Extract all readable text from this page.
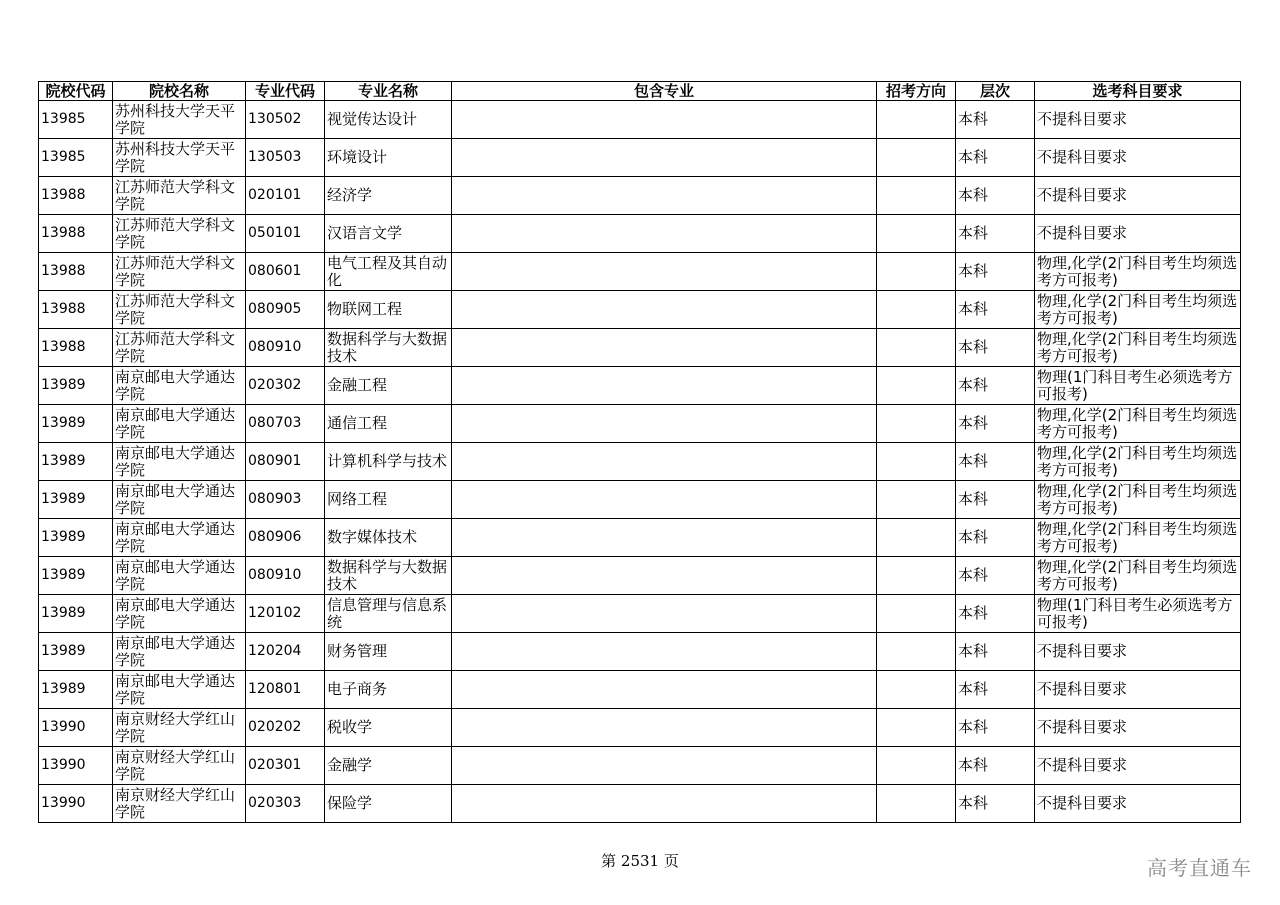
院校代码	院校名称	专业代码	专业名称	包含专业	招考方向	层次	选考科目要求
13985	苏州科技大学天平学院	130502	视觉传达设计			本科	不提科目要求
13985	苏州科技大学天平学院	130503	环境设计			本科	不提科目要求
13988	江苏师范大学科文学院	020101	经济学			本科	不提科目要求
13988	江苏师范大学科文学院	050101	汉语言文学			本科	不提科目要求
13988	江苏师范大学科文学院	080601	电气工程及其自动化			本科	物理,化学(2门科目考生均须选考方可报考)
13988	江苏师范大学科文学院	080905	物联网工程			本科	物理,化学(2门科目考生均须选考方可报考)
13988	江苏师范大学科文学院	080910	数据科学与大数据技术			本科	物理,化学(2门科目考生均须选考方可报考)
13989	南京邮电大学通达学院	020302	金融工程			本科	物理(1门科目考生必须选考方可报考)
13989	南京邮电大学通达学院	080703	通信工程			本科	物理,化学(2门科目考生均须选考方可报考)
13989	南京邮电大学通达学院	080901	计算机科学与技术			本科	物理,化学(2门科目考生均须选考方可报考)
13989	南京邮电大学通达学院	080903	网络工程			本科	物理,化学(2门科目考生均须选考方可报考)
13989	南京邮电大学通达学院	080906	数字媒体技术			本科	物理,化学(2门科目考生均须选考方可报考)
13989	南京邮电大学通达学院	080910	数据科学与大数据技术			本科	物理,化学(2门科目考生均须选考方可报考)
13989	南京邮电大学通达学院	120102	信息管理与信息系统			本科	物理(1门科目考生必须选考方可报考)
13989	南京邮电大学通达学院	120204	财务管理			本科	不提科目要求
13989	南京邮电大学通达学院	120801	电子商务			本科	不提科目要求
13990	南京财经大学红山学院	020202	税收学			本科	不提科目要求
13990	南京财经大学红山学院	020301	金融学			本科	不提科目要求
13990	南京财经大学红山学院	020303	保险学			本科	不提科目要求
第 2531 页	高考直通车
